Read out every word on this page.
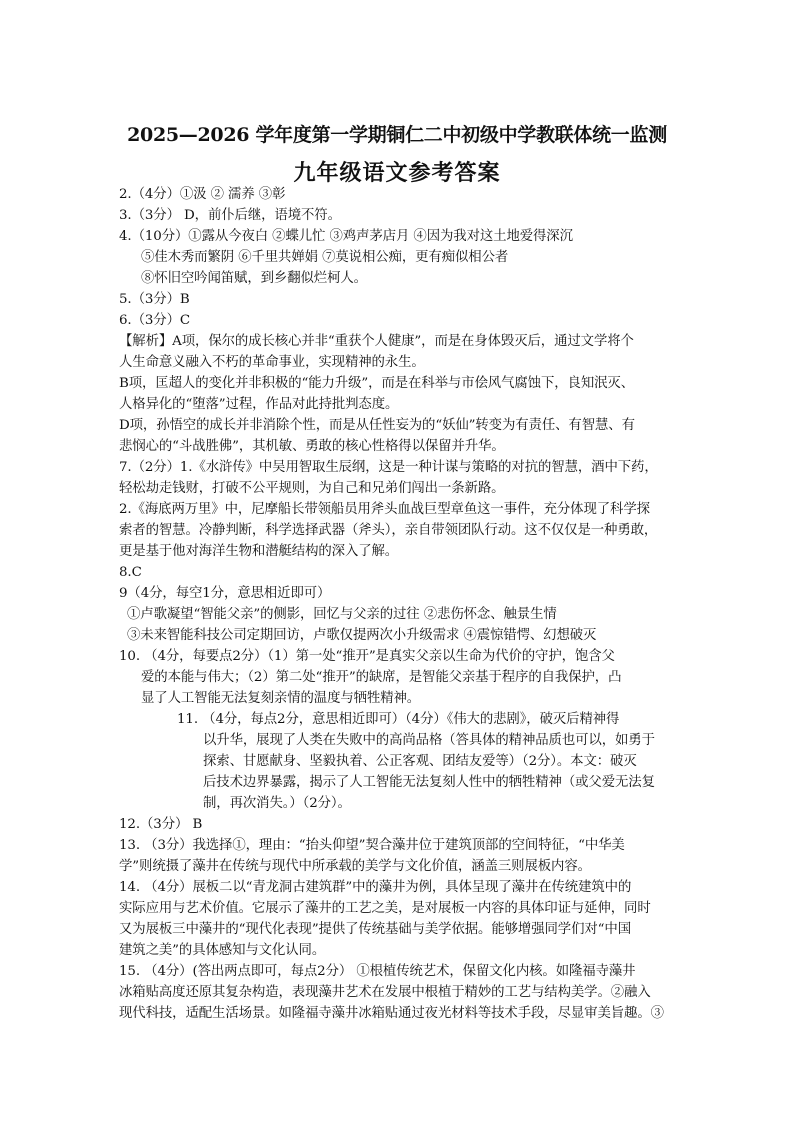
2025—2026 学年度第一学期铜仁二中初级中学教联体统一监测
九年级语文参考答案
2.（4分）①汲 ② 濡养 ③彰
3.（3分） D，前仆后继，语境不符。
4.（10分）①露从今夜白 ②蝶儿忙 ③鸡声茅店月 ④因为我对这土地爱得深沉
⑤佳木秀而繁阴 ⑥千里共婵娟 ⑦莫说相公痴，更有痴似相公者
⑧怀旧空吟闻笛赋，到乡翻似烂柯人。
5.（3分）B
6.（3分）C
【解析】A项，保尔的成长核心并非“重获个人健康”，而是在身体毁灭后，通过文学将个
人生命意义融入不朽的革命事业，实现精神的永生。
B项，匡超人的变化并非积极的“能力升级”，而是在科举与市侩风气腐蚀下，良知泯灭、
人格异化的“堕落”过程，作品对此持批判态度。
D项，孙悟空的成长并非消除个性，而是从任性妄为的“妖仙”转变为有责任、有智慧、有
悲悯心的“斗战胜佛”，其机敏、勇敢的核心性格得以保留并升华。
7.（2分）1.《水浒传》中吴用智取生辰纲，这是一种计谋与策略的对抗的智慧，酒中下药，
轻松劫走钱财，打破不公平规则，为自己和兄弟们闯出一条新路。
2.《海底两万里》中，尼摩船长带领船员用斧头血战巨型章鱼这一事件，充分体现了科学探
索者的智慧。冷静判断，科学选择武器（斧头），亲自带领团队行动。这不仅仅是一种勇敢，
更是基于他对海洋生物和潜艇结构的深入了解。
8.C
9（4分，每空1分，意思相近即可）
①卢歌凝望“智能父亲”的侧影，回忆与父亲的过往 ②悲伤怀念、触景生情
③未来智能科技公司定期回访，卢歌仅提两次小升级需求 ④震惊错愕、幻想破灭
10. （4分，每要点2分）（1）第一处“推开”是真实父亲以生命为代价的守护，饱含父
爱的本能与伟大；（2）第二处“推开”的缺席，是智能父亲基于程序的自我保护，凸
显了人工智能无法复刻亲情的温度与牺牲精神。
11. （4分，每点2分，意思相近即可）（4分）《伟大的悲剧》，破灭后精神得
以升华，展现了人类在失败中的高尚品格（答具体的精神品质也可以，如勇于
探索、甘愿献身、坚毅执着、公正客观、团结友爱等）（2分）。本文：破灭
后技术边界暴露，揭示了人工智能无法复刻人性中的牺牲精神（或父爱无法复
制，再次消失。）（2分）。
12.（3分） B
13. （3分）我选择①，理由：“抬头仰望”契合藻井位于建筑顶部的空间特征，“中华美
学”则统摄了藻井在传统与现代中所承载的美学与文化价值，涵盖三则展板内容。
14. （4分）展板二以“青龙洞古建筑群”中的藻井为例，具体呈现了藻井在传统建筑中的
实际应用与艺术价值。它展示了藻井的工艺之美，是对展板一内容的具体印证与延伸，同时
又为展板三中藻井的“现代化表现”提供了传统基础与美学依据。能够增强同学们对“中国
建筑之美”的具体感知与文化认同。
15. （4分）(答出两点即可，每点2分） ①根植传统艺术，保留文化内核。如隆福寺藻井
冰箱贴高度还原其复杂构造，表现藻井艺术在发展中根植于精妙的工艺与结构美学。②融入
现代科技，适配生活场景。如隆福寺藻井冰箱贴通过夜光材料等技术手段，尽显审美旨趣。③
